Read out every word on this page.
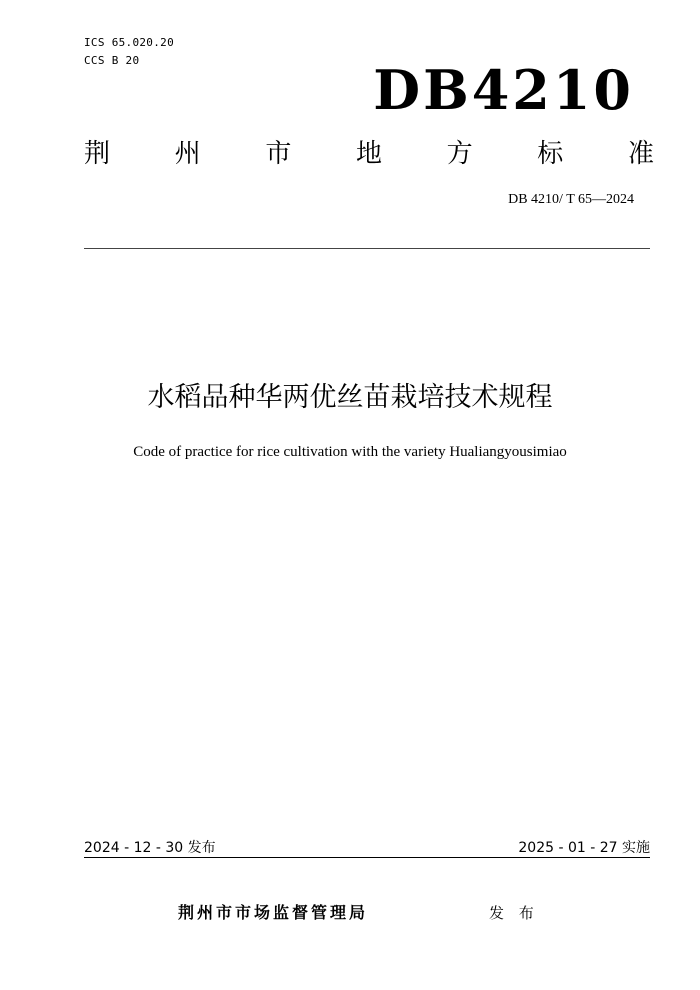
ICS 65.020.20
CCS B 20	DB4210
荆 州 市 地 方 标 准
DB 4210/ T 65—2024
水稻品种华两优丝苗栽培技术规程
Code of practice for rice cultivation with the variety Hualiangyousimiao
2024 - 12 - 30 发布	2025 - 01 - 27 实施
荆州市市场监督管理局	发 布
